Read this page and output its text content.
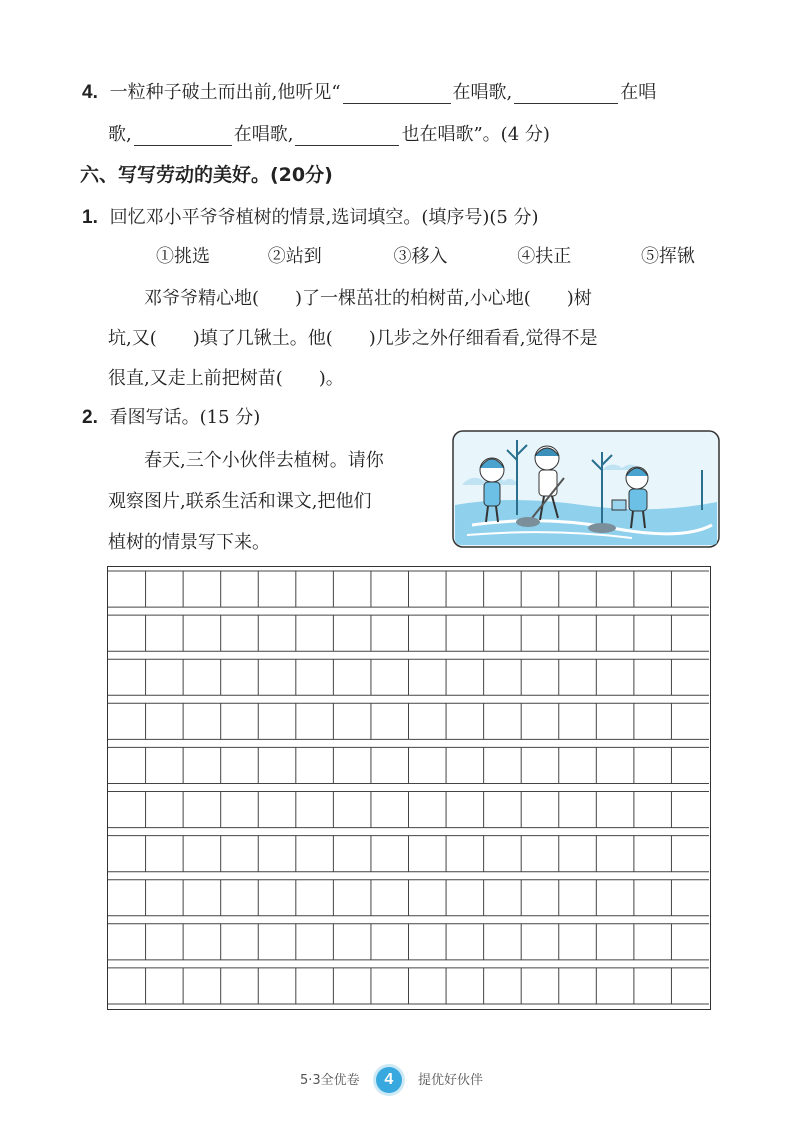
4. 一粒种子破土而出前,他听见“	在唱歌,	在唱
歌,	在唱歌,	也在唱歌”。(4 分)
六、写写劳动的美好。(20分)
1. 回忆邓小平爷爷植树的情景,选词填空。(填序号)(5 分)
①挑选	②站到	③移入	④扶正	⑤挥锹
邓爷爷精心地(　　)了一棵茁壮的柏树苗,小心地(　　)树
坑,又(　　)填了几锹土。他(　　)几步之外仔细看看,觉得不是
很直,又走上前把树苗(　　)。
2. 看图写话。(15 分)
春天,三个小伙伴去植树。请你
观察图片,联系生活和课文,把他们
植树的情景写下来。
5·3全优卷 4 提优好伙伴
